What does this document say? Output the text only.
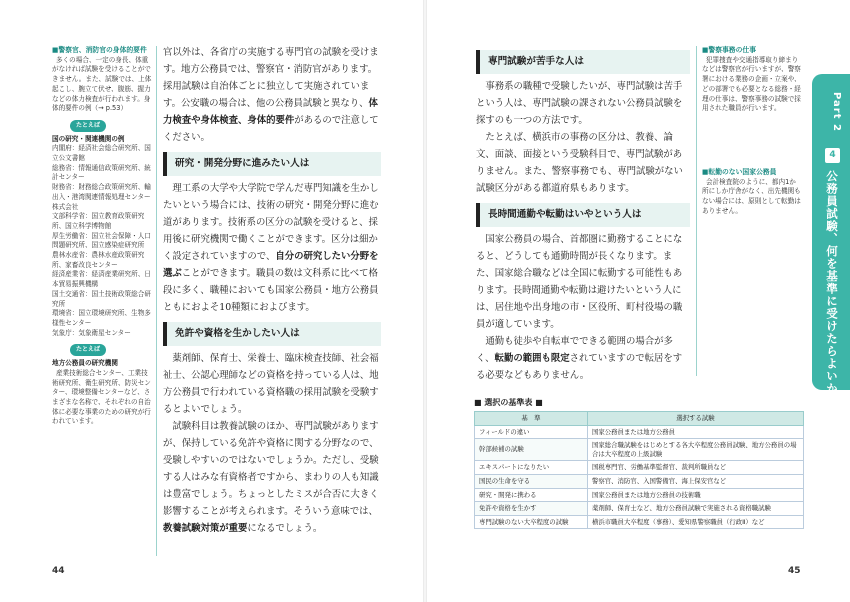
■警察官、消防官の身体的要件

多くの場合、一定の身長、体重がなければ試験を受けることができません。また、試験では、上体起こし、腕立て伏せ、腹筋、握力などの体力検査が行われます。身体的要件の例（→ p.53）

たとえば
国の研究・関連機関の例
内閣府：経済社会総合研究所、国立公文書館
総務省：情報通信政策研究所、統計センター
財務省：財務総合政策研究所、輸出入・港湾関連情報処理センター株式会社
文部科学省：国立教育政策研究所、国立科学博物館
厚生労働省：国立社会保障・人口問題研究所、国立感染症研究所
農林水産省：農林水産政策研究所、家畜改良センター
経済産業省：経済産業研究所、日本貿易振興機構
国土交通省：国土技術政策総合研究所
環境省：国立環境研究所、生物多様性センター
気象庁：気象衛星センター
たとえば
地方公務員の研究機関

産業技術総合センター、工業技術研究所、衛生研究所、防災センター、環境整備センターなど、さまざまな名称で、それぞれの自治体に必要な事業のための研究が行われています。

官以外は、各省庁の実施する専門官の試験を受けます。地方公務員では、警察官・消防官があります。採用試験は自治体ごとに独立して実施されています。公安職の場合は、他の公務員試験と異なり、体力検査や身体検査、身体的要件があるので注意してください。

研究・開発分野に進みたい人は

理工系の大学や大学院で学んだ専門知識を生かしたいという場合には、技術の研究・開発分野に進む道があります。技術系の区分の試験を受けると、採用後に研究機関で働くことができます。区分は細かく設定されていますので、自分の研究したい分野を選ぶことができます。職員の数は文科系に比べて格段に多く、職種においても国家公務員・地方公務員ともにおよそ10種類におよびます。

免許や資格を生かしたい人は

薬剤師、保育士、栄養士、臨床検査技師、社会福祉士、公認心理師などの資格を持っている人は、地方公務員で行われている資格職の採用試験を受験するとよいでしょう。

試験科目は教養試験のほか、専門試験がありますが、保持している免許や資格に関する分野なので、受験しやすいのではないでしょうか。ただし、受験する人はみな有資格者ですから、まわりの人も知識は豊富でしょう。ちょっとしたミスが合否に大きく影響することが考えられます。そういう意味では、教養試験対策が重要になるでしょう。

44
専門試験が苦手な人は

事務系の職種で受験したいが、専門試験は苦手という人は、専門試験の課されない公務員試験を探すのも一つの方法です。

たとえば、横浜市の事務の区分は、教養、論文、面談、面接という受験科目で、専門試験がありません。また、警察事務でも、専門試験がない試験区分がある都道府県もあります。

長時間通勤や転勤はいやという人は

国家公務員の場合、首都圏に勤務することになると、どうしても通勤時間が長くなります。また、国家総合職などは全国に転勤する可能性もあります。長時間通勤や転勤は避けたいという人には、居住地や出身地の市・区役所、町村役場の職員が適しています。

通勤も徒歩や自転車でできる範囲の場合が多く、転勤の範囲も限定されていますので転居をする必要などもありません。

■警察事務の仕事

犯罪捜査や交通指導取り締まりなどは警察官が行いますが、警察署における業務の企画・立案や、どの部署でも必要となる総務・経理の仕事は、警察事務の試験で採用された職員が行います。

■転勤のない国家公務員

会計検査院のように、都内1か所にしか庁舎がなく、出先機関もない場合には、原則として転勤はありません。

Part 2
4
公務員試験、何を基準に受けたらよいか
■ 選択の基準表 ■
基　準	選択する試験
フィールドの違い	国家公務員または地方公務員
幹部候補の試験	国家総合職試験をはじめとする各大卒程度公務員試験、地方公務員の場合は大卒程度の上級試験
エキスパートになりたい	国税専門官、労働基準監督官、裁判所職員など
国民の生命を守る	警察官、消防官、入国警備官、海上保安官など
研究・開発に携わる	国家公務員または地方公務員の技術職
免許や資格を生かす	薬剤師、保育士など、地方公務員試験で実施される資格職試験
専門試験のない大卒程度の試験	横浜市職員大卒程度（事務）、愛知県警察職員（行政Ⅱ）など
45
